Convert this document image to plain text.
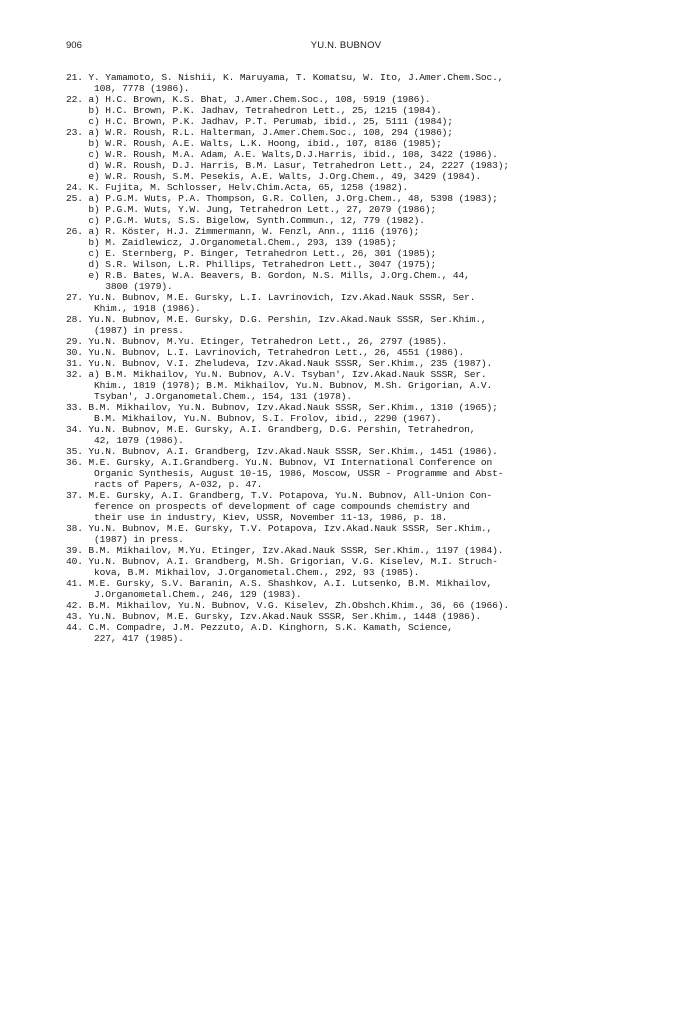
906	YU.N. BUBNOV
21. Y. Yamamoto, S. Nishii, K. Maruyama, T. Komatsu, W. Ito, J.Amer.Chem.Soc.,
108, 7778 (1986).
22. a) H.C. Brown, K.S. Bhat, J.Amer.Chem.Soc., 108, 5919 (1986).
b) H.C. Brown, P.K. Jadhav, Tetrahedron Lett., 25, 1215 (1984).
c) H.C. Brown, P.K. Jadhav, P.T. Perumab, ibid., 25, 5111 (1984);
23. a) W.R. Roush, R.L. Halterman, J.Amer.Chem.Soc., 108, 294 (1986);
b) W.R. Roush, A.E. Walts, L.K. Hoong, ibid., 107, 8186 (1985);
c) W.R. Roush, M.A. Adam, A.E. Walts,D.J.Harris, ibid., 108, 3422 (1986).
d) W.R. Roush, D.J. Harris, B.M. Lasur, Tetrahedron Lett., 24, 2227 (1983);
e) W.R. Roush, S.M. Pesekis, A.E. Walts, J.Org.Chem., 49, 3429 (1984).
24. K. Fujita, M. Schlosser, Helv.Chim.Acta, 65, 1258 (1982).
25. a) P.G.M. Wuts, P.A. Thompson, G.R. Collen, J.Org.Chem., 48, 5398 (1983);
b) P.G.M. Wuts, Y.W. Jung, Tetrahedron Lett., 27, 2079 (1986);
c) P.G.M. Wuts, S.S. Bigelow, Synth.Commun., 12, 779 (1982).
26. a) R. Köster, H.J. Zimmermann, W. Fenzl, Ann., 1116 (1976);
b) M. Zaidlewicz, J.Organometal.Chem., 293, 139 (1985);
c) E. Sternberg, P. Binger, Tetrahedron Lett., 26, 301 (1985);
d) S.R. Wilson, L.R. Phillips, Tetrahedron Lett., 3047 (1975);
e) R.B. Bates, W.A. Beavers, B. Gordon, N.S. Mills, J.Org.Chem., 44,
3800 (1979).
27. Yu.N. Bubnov, M.E. Gursky, L.I. Lavrinovich, Izv.Akad.Nauk SSSR, Ser.
Khim., 1918 (1986).
28. Yu.N. Bubnov, M.E. Gursky, D.G. Pershin, Izv.Akad.Nauk SSSR, Ser.Khim.,
(1987) in press.
29. Yu.N. Bubnov, M.Yu. Etinger, Tetrahedron Lett., 26, 2797 (1985).
30. Yu.N. Bubnov, L.I. Lavrinovich, Tetrahedron Lett., 26, 4551 (1986).
31. Yu.N. Bubnov, V.I. Zheludeva, Izv.Akad.Nauk SSSR, Ser.Khim., 235 (1987).
32. a) B.M. Mikhailov, Yu.N. Bubnov, A.V. Tsyban', Izv.Akad.Nauk SSSR, Ser.
Khim., 1819 (1978); B.M. Mikhailov, Yu.N. Bubnov, M.Sh. Grigorian, A.V.
Tsyban', J.Organometal.Chem., 154, 131 (1978).
33. B.M. Mikhailov, Yu.N. Bubnov, Izv.Akad.Nauk SSSR, Ser.Khim., 1310 (1965);
B.M. Mikhailov, Yu.N. Bubnov, S.I. Frolov, ibid., 2290 (1967).
34. Yu.N. Bubnov, M.E. Gursky, A.I. Grandberg, D.G. Pershin, Tetrahedron,
42, 1079 (1986).
35. Yu.N. Bubnov, A.I. Grandberg, Izv.Akad.Nauk SSSR, Ser.Khim., 1451 (1986).
36. M.E. Gursky, A.I.Grandberg. Yu.N. Bubnov, VI International Conference on
Organic Synthesis, August 10-15, 1986, Moscow, USSR - Programme and Abst-
racts of Papers, A-032, p. 47.
37. M.E. Gursky, A.I. Grandberg, T.V. Potapova, Yu.N. Bubnov, All-Union Con-
ference on prospects of development of cage compounds chemistry and
their use in industry, Kiev, USSR, November 11-13, 1986, p. 18.
38. Yu.N. Bubnov, M.E. Gursky, T.V. Potapova, Izv.Akad.Nauk SSSR, Ser.Khim.,
(1987) in press.
39. B.M. Mikhailov, M.Yu. Etinger, Izv.Akad.Nauk SSSR, Ser.Khim., 1197 (1984).
40. Yu.N. Bubnov, A.I. Grandberg, M.Sh. Grigorian, V.G. Kiselev, M.I. Struch-
kova, B.M. Mikhailov, J.Organometal.Chem., 292, 93 (1985).
41. M.E. Gursky, S.V. Baranin, A.S. Shashkov, A.I. Lutsenko, B.M. Mikhailov,
J.Organometal.Chem., 246, 129 (1983).
42. B.M. Mikhailov, Yu.N. Bubnov, V.G. Kiselev, Zh.Obshch.Khim., 36, 66 (1966).
43. Yu.N. Bubnov, M.E. Gursky, Izv.Akad.Nauk SSSR, Ser.Khim., 1448 (1986).
44. C.M. Compadre, J.M. Pezzuto, A.D. Kinghorn, S.K. Kamath, Science,
227, 417 (1985).
